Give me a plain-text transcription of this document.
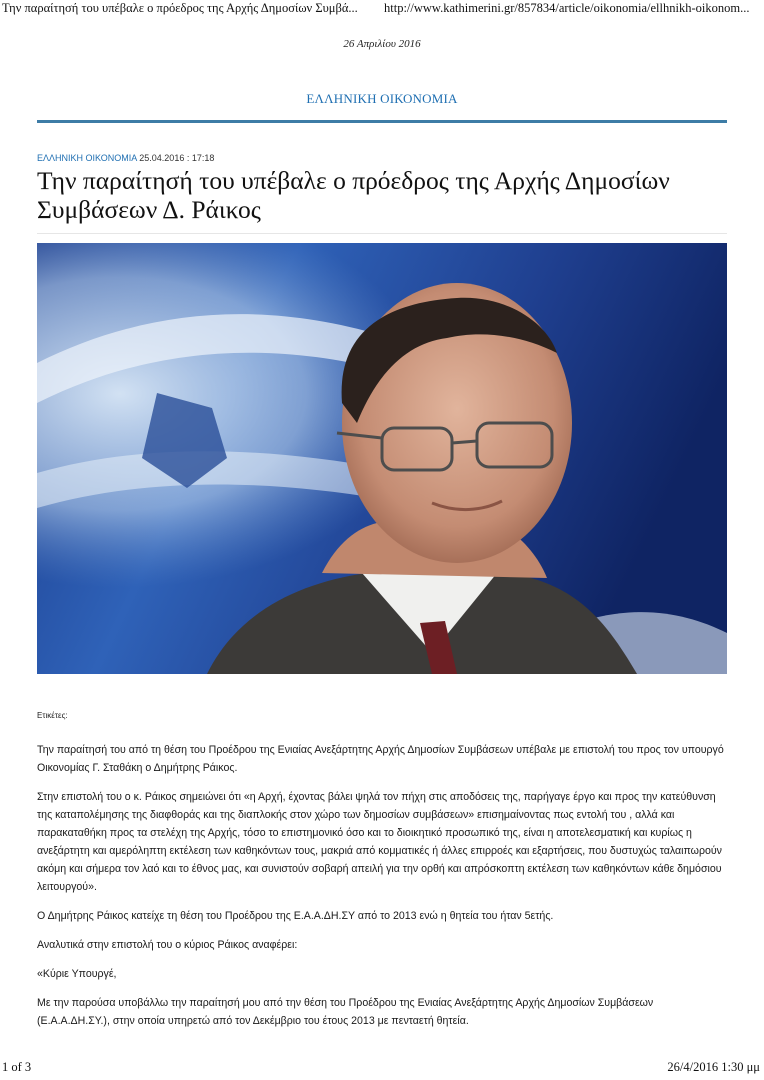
Την παραίτησή του υπέβαλε ο πρόεδρος της Αρχής Δημοσίων Συμβά... http://www.kathimerini.gr/857834/article/oikonomia/ellhnikh-oikonom...
26 Απριλίου 2016
ΕΛΛΗΝΙΚΗ ΟΙΚΟΝΟΜΙΑ
ΕΛΛΗΝΙΚΗ ΟΙΚΟΝΟΜΙΑ 25.04.2016 : 17:18
Την παραίτησή του υπέβαλε ο πρόεδρος της Αρχής Δημοσίων Συμβάσεων Δ. Ράικος
Ετικέτες:

Την παραίτησή του από τη θέση του Προέδρου της Ενιαίας Ανεξάρτητης Αρχής Δημοσίων Συμβάσεων υπέβαλε με επιστολή του προς τον υπουργό Οικονομίας Γ. Σταθάκη ο Δημήτρης Ράικος.

Στην επιστολή του ο κ. Ράικος σημειώνει ότι «η Αρχή, έχοντας βάλει ψηλά τον πήχη στις αποδόσεις της, παρήγαγε έργο και προς την κατεύθυνση της καταπολέμησης της διαφθοράς και της διαπλοκής στον χώρο των δημοσίων συμβάσεων» επισημαίνοντας πως εντολή του , αλλά και παρακαταθήκη προς τα στελέχη της Αρχής, τόσο το επιστημονικό όσο και το διοικητικό προσωπικό της, είναι η αποτελεσματική και κυρίως η ανεξάρτητη και αμερόληπτη εκτέλεση των καθηκόντων τους, μακριά από κομματικές ή άλλες επιρροές και εξαρτήσεις, που δυστυχώς ταλαιπωρούν ακόμη και σήμερα τον λαό και το έθνος μας, και συνιστούν σοβαρή απειλή για την ορθή και απρόσκοπτη εκτέλεση των καθηκόντων κάθε δημόσιου λειτουργού».

Ο Δημήτρης Ράικος κατείχε τη θέση του Προέδρου της Ε.Α.Α.ΔΗ.ΣΥ από το 2013 ενώ η θητεία του ήταν 5ετής.

Αναλυτικά στην επιστολή του ο κύριος Ράικος αναφέρει:

«Κύριε Υπουργέ,

Με την παρούσα υποβάλλω την παραίτησή μου από την θέση του Προέδρου της Ενιαίας Ανεξάρτητης Αρχής Δημοσίων Συμβάσεων (Ε.Α.Α.ΔΗ.ΣΥ.), στην οποία υπηρετώ από τον Δεκέμβριο του έτους 2013 με πενταετή θητεία.

1 of 3	26/4/2016 1:30 μμ
